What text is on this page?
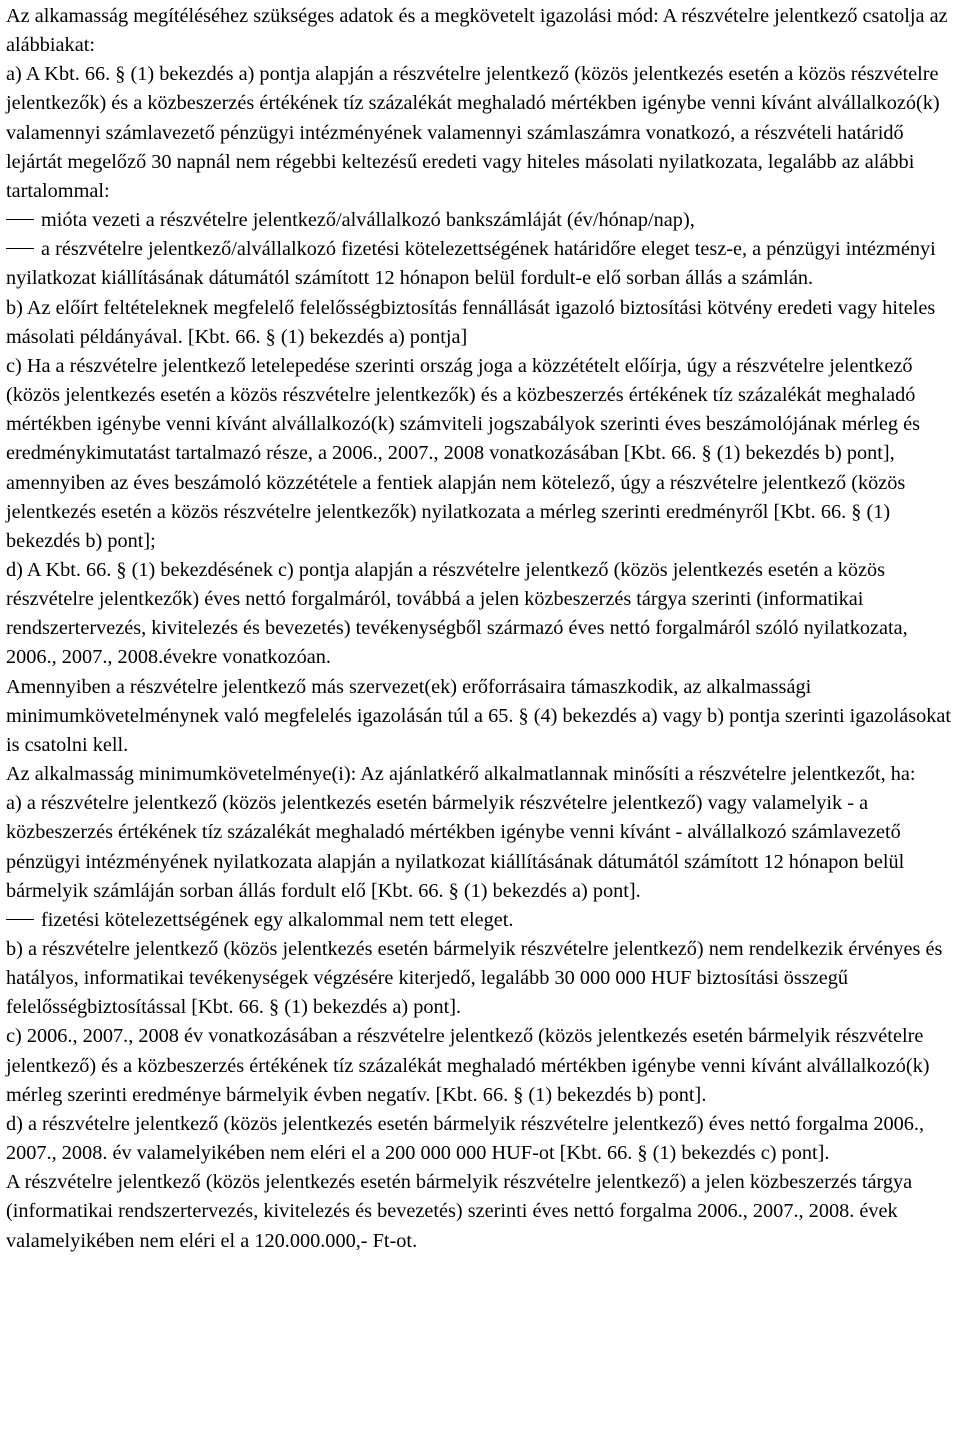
Az alkamasság megítéléséhez szükséges adatok és a megkövetelt igazolási mód: A részvételre jelentkező csatolja az alábbiakat:

a) A Kbt. 66. § (1) bekezdés a) pontja alapján a részvételre jelentkező (közös jelentkezés esetén a közös részvételre jelentkezők) és a közbeszerzés értékének tíz százalékát meghaladó mértékben igénybe venni kívánt alvállalkozó(k) valamennyi számlavezető pénzügyi intézményének valamennyi számlaszámra vonatkozó, a részvételi határidő lejártát megelőző 30 napnál nem régebbi keltezésű eredeti vagy hiteles másolati nyilatkozata, legalább az alábbi tartalommal:

mióta vezeti a részvételre jelentkező/alvállalkozó bankszámláját (év/hónap/nap),

a részvételre jelentkező/alvállalkozó fizetési kötelezettségének határidőre eleget tesz-e, a pénzügyi intézményi nyilatkozat kiállításának dátumától számított 12 hónapon belül fordult-e elő sorban állás a számlán.

b) Az előírt feltételeknek megfelelő felelősségbiztosítás fennállását igazoló biztosítási kötvény eredeti vagy hiteles másolati példányával. [Kbt. 66. § (1) bekezdés a) pontja]

c) Ha a részvételre jelentkező letelepedése szerinti ország joga a közzétételt előírja, úgy a részvételre jelentkező (közös jelentkezés esetén a közös részvételre jelentkezők) és a közbeszerzés értékének tíz százalékát meghaladó mértékben igénybe venni kívánt alvállalkozó(k) számviteli jogszabályok szerinti éves beszámolójának mérleg és eredménykimutatást tartalmazó része, a 2006., 2007., 2008 vonatkozásában [Kbt. 66. § (1) bekezdés b) pont], amennyiben az éves beszámoló közzététele a fentiek alapján nem kötelező, úgy a részvételre jelentkező (közös jelentkezés esetén a közös részvételre jelentkezők) nyilatkozata a mérleg szerinti eredményről [Kbt. 66. § (1) bekezdés b) pont];

d) A Kbt. 66. § (1) bekezdésének c) pontja alapján a részvételre jelentkező (közös jelentkezés esetén a közös részvételre jelentkezők) éves nettó forgalmáról, továbbá a jelen közbeszerzés tárgya szerinti (informatikai rendszertervezés, kivitelezés és bevezetés) tevékenységből származó éves nettó forgalmáról szóló nyilatkozata, 2006., 2007., 2008.évekre vonatkozóan.

Amennyiben a részvételre jelentkező más szervezet(ek) erőforrásaira támaszkodik, az alkalmassági minimumkövetelménynek való megfelelés igazolásán túl a 65. § (4) bekezdés a) vagy b) pontja szerinti igazolásokat is csatolni kell.

Az alkalmasság minimumkövetelménye(i): Az ajánlatkérő alkalmatlannak minősíti a részvételre jelentkezőt, ha:

a) a részvételre jelentkező (közös jelentkezés esetén bármelyik részvételre jelentkező) vagy valamelyik - a közbeszerzés értékének tíz százalékát meghaladó mértékben igénybe venni kívánt - alvállalkozó számlavezető pénzügyi intézményének nyilatkozata alapján a nyilatkozat kiállításának dátumától számított 12 hónapon belül bármelyik számláján sorban állás fordult elő [Kbt. 66. § (1) bekezdés a) pont].

fizetési kötelezettségének egy alkalommal nem tett eleget.

b) a részvételre jelentkező (közös jelentkezés esetén bármelyik részvételre jelentkező) nem rendelkezik érvényes és hatályos, informatikai tevékenységek végzésére kiterjedő, legalább 30 000 000 HUF biztosítási összegű felelősségbiztosítással [Kbt. 66. § (1) bekezdés a) pont].

c) 2006., 2007., 2008 év vonatkozásában a részvételre jelentkező (közös jelentkezés esetén bármelyik részvételre jelentkező) és a közbeszerzés értékének tíz százalékát meghaladó mértékben igénybe venni kívánt alvállalkozó(k) mérleg szerinti eredménye bármelyik évben negatív. [Kbt. 66. § (1) bekezdés b) pont].

d) a részvételre jelentkező (közös jelentkezés esetén bármelyik részvételre jelentkező) éves nettó forgalma 2006., 2007., 2008. év valamelyikében nem eléri el a 200 000 000 HUF-ot [Kbt. 66. § (1) bekezdés c) pont].

A részvételre jelentkező (közös jelentkezés esetén bármelyik részvételre jelentkező) a jelen közbeszerzés tárgya (informatikai rendszertervezés, kivitelezés és bevezetés) szerinti éves nettó forgalma 2006., 2007., 2008. évek valamelyikében nem eléri el a 120.000.000,- Ft-ot.
